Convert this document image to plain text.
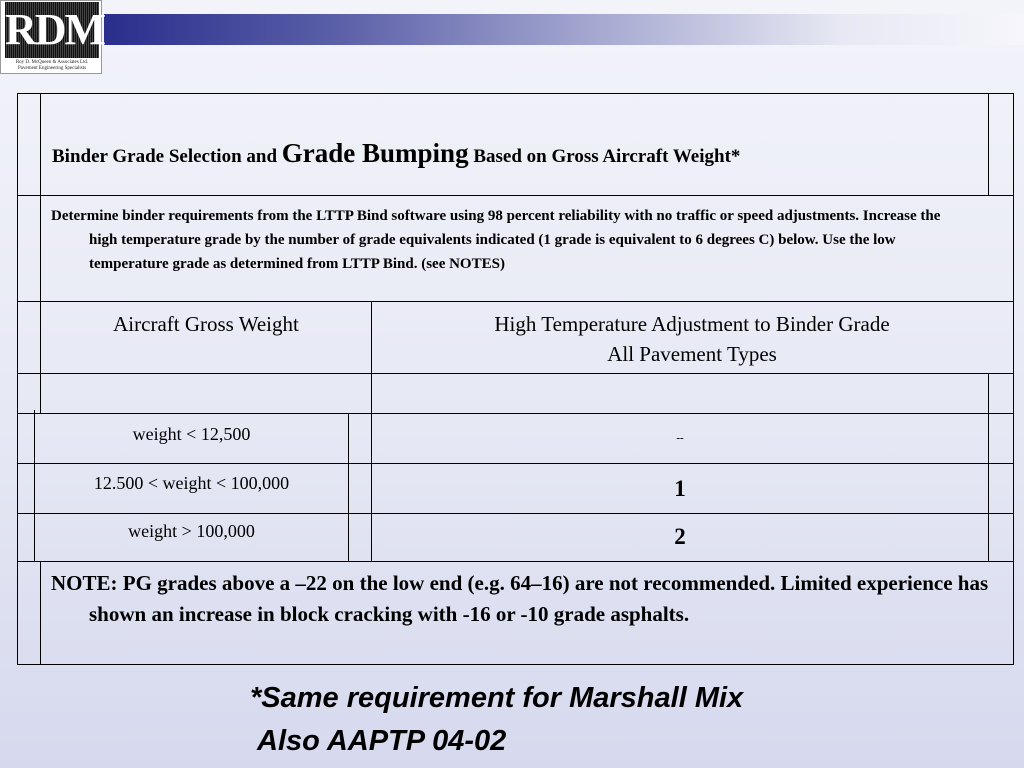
RDM
Roy D. McQueen & Associates Ltd.
Pavement Engineering Specialists
Binder Grade Selection and Grade Bumping Based on Gross Aircraft Weight*
Determine binder requirements from the LTTP Bind software using 98 percent reliability with no traffic or speed adjustments. Increase the high temperature grade by the number of grade equivalents indicated (1 grade is equivalent to 6 degrees C) below. Use the low temperature grade as determined from LTTP Bind. (see NOTES)
Aircraft Gross Weight	High Temperature Adjustment to Binder Grade
All Pavement Types
weight < 12,500	--
12.500 < weight < 100,000	1
weight > 100,000	2
NOTE: PG grades above a –22 on the low end (e.g. 64–16) are not recommended. Limited experience has shown an increase in block cracking with -16 or -10 grade asphalts.
*Same requirement for Marshall Mix
Also AAPTP 04-02
